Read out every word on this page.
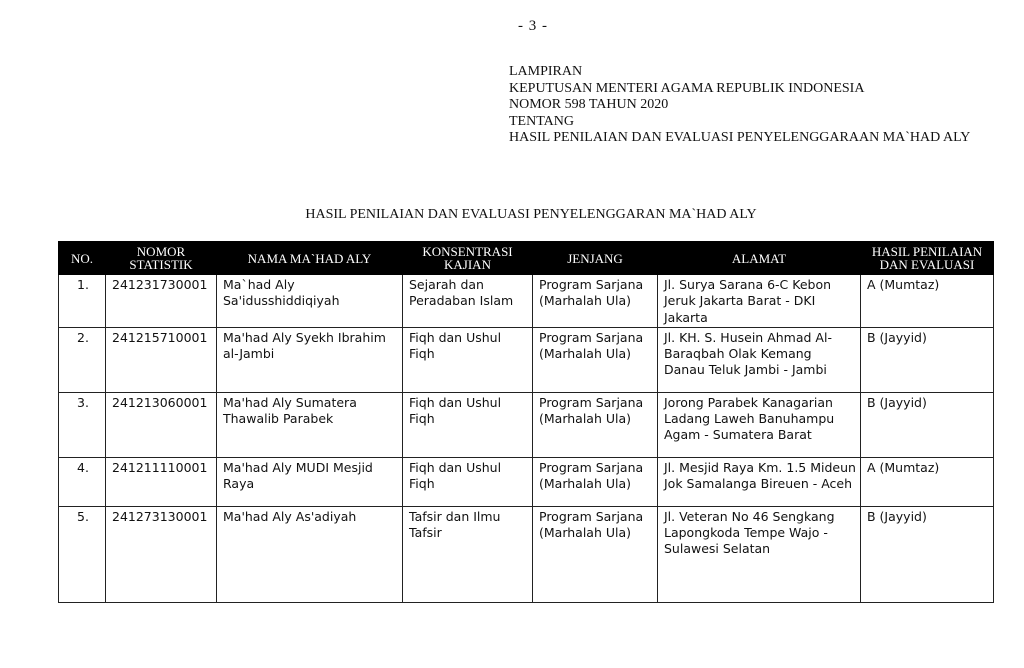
- 3 -
LAMPIRAN
KEPUTUSAN MENTERI AGAMA REPUBLIK INDONESIA
NOMOR 598 TAHUN 2020
TENTANG
HASIL PENILAIAN DAN EVALUASI PENYELENGGARAAN MA`HAD ALY
HASIL PENILAIAN DAN EVALUASI PENYELENGGARAN MA`HAD ALY
NO.	NOMOR STATISTIK	NAMA MA`HAD ALY	KONSENTRASI KAJIAN	JENJANG	ALAMAT	HASIL PENILAIAN DAN EVALUASI
1.	241231730001	Ma`had Aly Sa'idusshiddiqiyah	Sejarah dan Peradaban Islam	Program Sarjana (Marhalah Ula)	Jl. Surya Sarana 6-C Kebon Jeruk Jakarta Barat - DKI Jakarta	A (Mumtaz)
2.	241215710001	Ma'had Aly Syekh Ibrahim al-Jambi	Fiqh dan Ushul Fiqh	Program Sarjana (Marhalah Ula)	Jl. KH. S. Husein Ahmad Al-Baraqbah Olak Kemang Danau Teluk Jambi - Jambi	B (Jayyid)
3.	241213060001	Ma'had Aly Sumatera Thawalib Parabek	Fiqh dan Ushul Fiqh	Program Sarjana (Marhalah Ula)	Jorong Parabek Kanagarian Ladang Laweh Banuhampu Agam - Sumatera Barat	B (Jayyid)
4.	241211110001	Ma'had Aly MUDI Mesjid Raya	Fiqh dan Ushul Fiqh	Program Sarjana (Marhalah Ula)	Jl. Mesjid Raya Km. 1.5 Mideun Jok Samalanga Bireuen - Aceh	A (Mumtaz)
5.	241273130001	Ma'had Aly As'adiyah	Tafsir dan Ilmu Tafsir	Program Sarjana (Marhalah Ula)	Jl. Veteran No 46 Sengkang Lapongkoda Tempe Wajo - Sulawesi Selatan	B (Jayyid)
